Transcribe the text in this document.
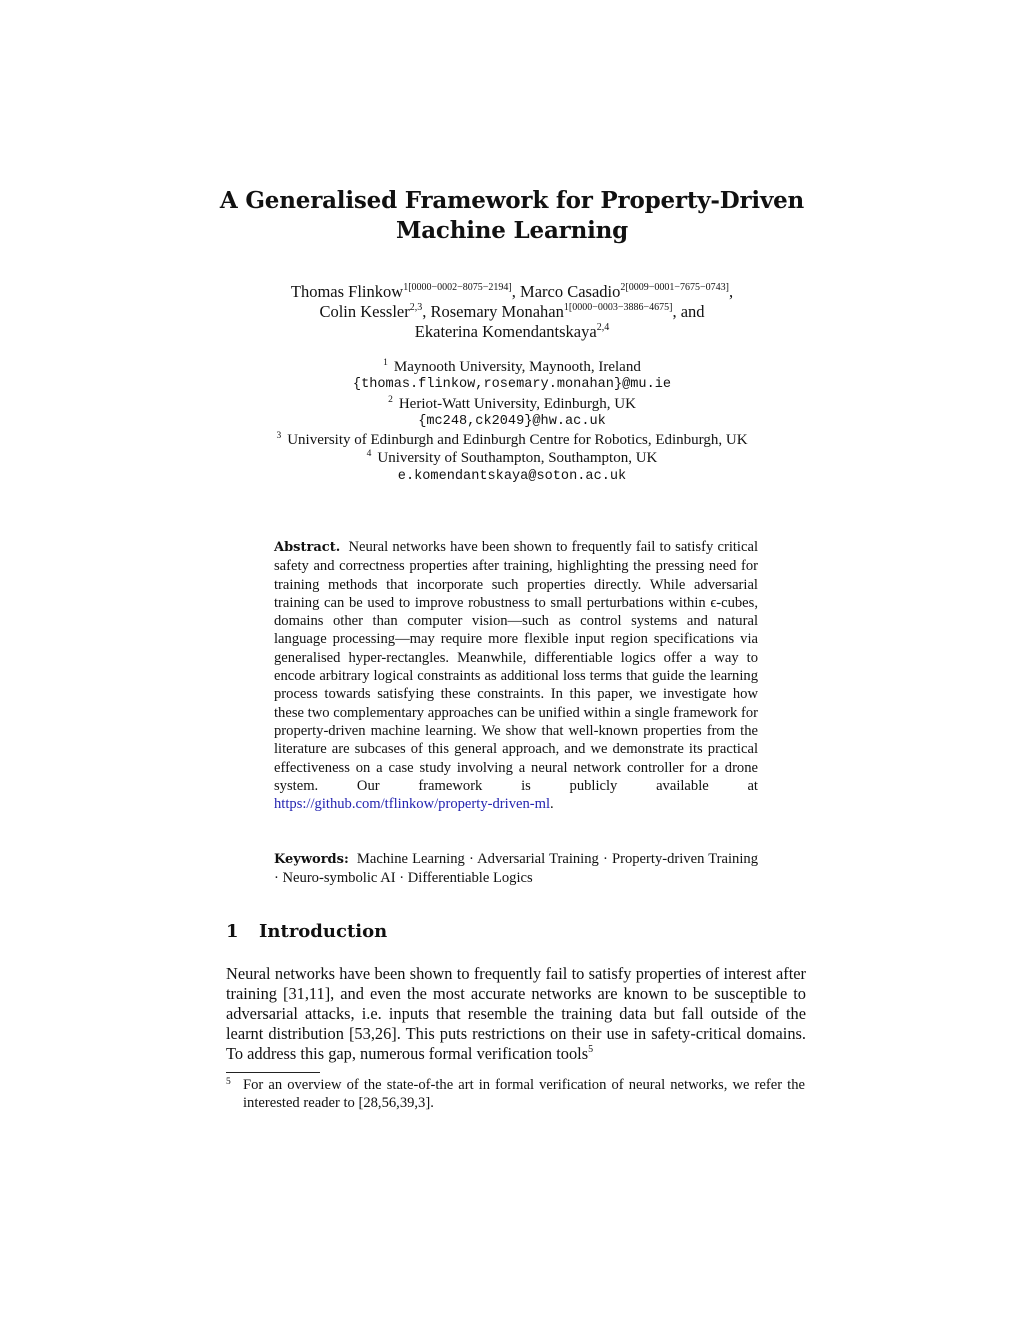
A Generalised Framework for Property-Driven
Machine Learning
Thomas Flinkow$^{1[0000-0002-8075-2194]}$, Marco Casadio$^{2[0009-0001-7675-0743]}$,
Colin Kessler$^{2,3}$, Rosemary Monahan$^{1[0000-0003-3886-4675]}$, and
Ekaterina Komendantskaya$^{2,4}$
$^1$ Maynooth University, Maynooth, Ireland
{thomas.flinkow,rosemary.monahan}@mu.ie
$^2$ Heriot-Watt University, Edinburgh, UK
{mc248,ck2049}@hw.ac.uk
$^3$ University of Edinburgh and Edinburgh Centre for Robotics, Edinburgh, UK
$^4$ University of Southampton, Southampton, UK
e.komendantskaya@soton.ac.uk
Abstract. Neural networks have been shown to frequently fail to satisfy critical safety and correctness properties after training, highlighting the pressing need for training methods that incorporate such properties directly. While adversarial training can be used to improve robustness to small perturbations within ϵ-cubes, domains other than computer vision—such as control systems and natural language processing—may require more flexible input region specifications via generalised hyper-rectangles. Meanwhile, differentiable logics offer a way to encode arbitrary logical constraints as additional loss terms that guide the learning process towards satisfying these constraints. In this paper, we investigate how these two complementary approaches can be unified within a single framework for property-driven machine learning. We show that well-known properties from the literature are subcases of this general approach, and we demonstrate its practical effectiveness on a case study involving a neural network controller for a drone system. Our framework is publicly available at https://github.com/tflinkow/property-driven-ml.
Keywords: Machine Learning · Adversarial Training · Property-driven Training · Neuro-symbolic AI · Differentiable Logics
1 Introduction
Neural networks have been shown to frequently fail to satisfy properties of interest after training [31,11], and even the most accurate networks are known to be susceptible to adversarial attacks, i.e. inputs that resemble the training data but fall outside of the learnt distribution [53,26]. This puts restrictions on their use in safety-critical domains. To address this gap, numerous formal verification tools$^5$
5 For an overview of the state-of-the art in formal verification of neural networks, we refer the interested reader to [28,56,39,3].
